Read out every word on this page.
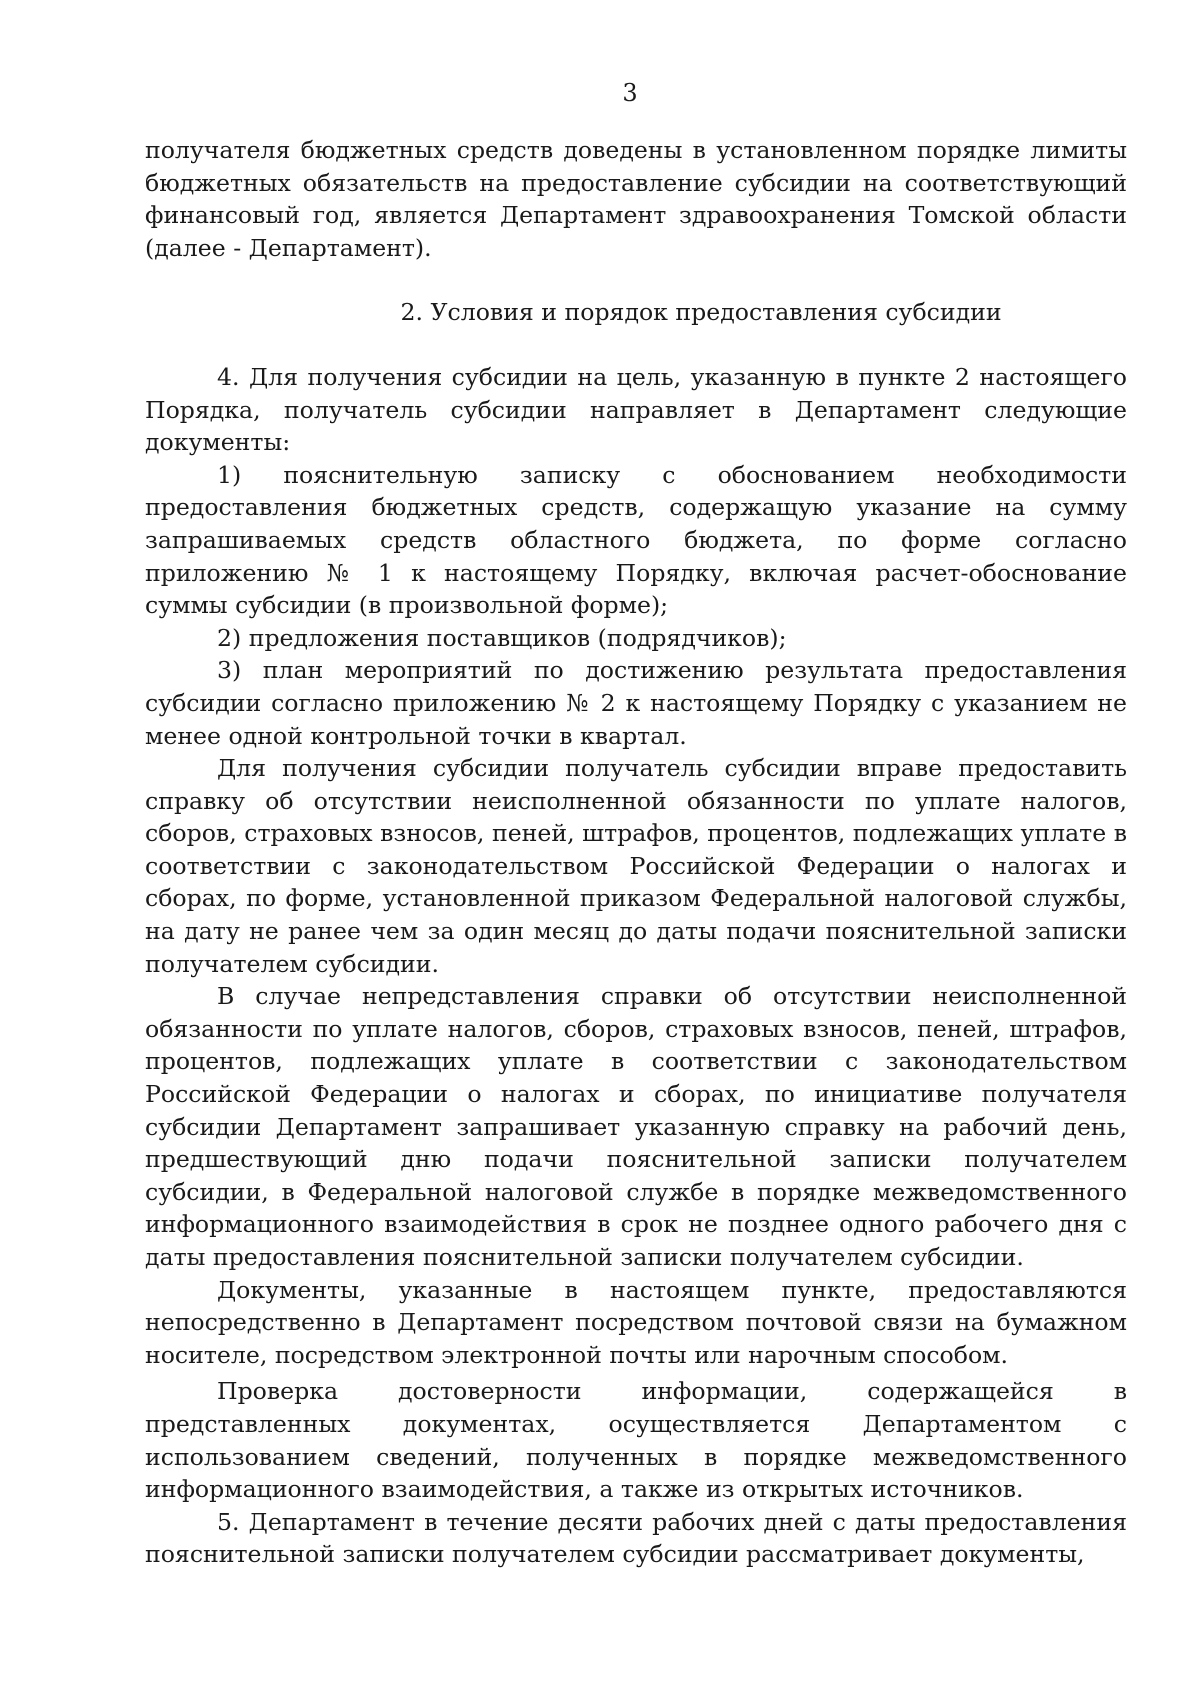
3

получателя бюджетных средств доведены в установленном порядке лимиты бюджетных обязательств на предоставление субсидии на соответствующий финансовый год, является Департамент здравоохранения Томской области (далее - Департамент).

2. Условия и порядок предоставления субсидии

4. Для получения субсидии на цель, указанную в пункте 2 настоящего Порядка, получатель субсидии направляет в Департамент следующие документы:

1) пояснительную записку с обоснованием необходимости предоставления бюджетных средств, содержащую указание на сумму запрашиваемых средств областного бюджета, по форме согласно приложению № 1 к настоящему Порядку, включая расчет-обоснование суммы субсидии (в произвольной форме);

2) предложения поставщиков (подрядчиков);

3) план мероприятий по достижению результата предоставления субсидии согласно приложению № 2 к настоящему Порядку с указанием не менее одной контрольной точки в квартал.

Для получения субсидии получатель субсидии вправе предоставить справку об отсутствии неисполненной обязанности по уплате налогов, сборов, страховых взносов, пеней, штрафов, процентов, подлежащих уплате в соответствии с законодательством Российской Федерации о налогах и сборах, по форме, установленной приказом Федеральной налоговой службы, на дату не ранее чем за один месяц до даты подачи пояснительной записки получателем субсидии.

В случае непредставления справки об отсутствии неисполненной обязанности по уплате налогов, сборов, страховых взносов, пеней, штрафов, процентов, подлежащих уплате в соответствии с законодательством Российской Федерации о налогах и сборах, по инициативе получателя субсидии Департамент запрашивает указанную справку на рабочий день, предшествующий дню подачи пояснительной записки получателем субсидии, в Федеральной налоговой службе в порядке межведомственного информационного взаимодействия в срок не позднее одного рабочего дня с даты предоставления пояснительной записки получателем субсидии.

Документы, указанные в настоящем пункте, предоставляются непосредственно в Департамент посредством почтовой связи на бумажном носителе, посредством электронной почты или нарочным способом.

Проверка достоверности информации, содержащейся в представленных документах, осуществляется Департаментом с использованием сведений, полученных в порядке межведомственного информационного взаимодействия, а также из открытых источников.

5. Департамент в течение десяти рабочих дней с даты предоставления пояснительной записки получателем субсидии рассматривает документы,
